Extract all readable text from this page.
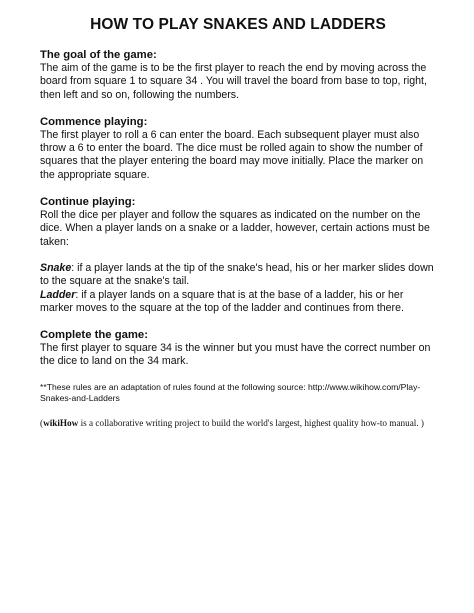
HOW TO PLAY SNAKES AND LADDERS
The goal of the game:
The aim of the game is to be the first player to reach the end by moving across the board from square 1 to square 34 . You will travel the board from base to top, right, then left and so on, following the numbers.
Commence playing:
The first player to roll a 6 can enter the board. Each subsequent player must also throw a 6 to enter the board. The dice must be rolled again to show the number of squares that the player entering the board may move initially. Place the marker on the appropriate square.
Continue playing:
Roll the dice per player and follow the squares as indicated on the number on the dice. When a player lands on a snake or a ladder, however, certain actions must be taken:
Snake: if a player lands at the tip of the snake's head, his or her marker slides down to the square at the snake's tail.
Ladder: if a player lands on a square that is at the base of a ladder, his or her marker moves to the square at the top of the ladder and continues from there.
Complete the game:
The first player to square 34 is the winner but you must have the correct number on the dice to land on the 34 mark.
**These rules are an adaptation of rules found at the following source: http://www.wikihow.com/Play-Snakes-and-Ladders
(wikiHow is a collaborative writing project to build the world's largest, highest quality how-to manual. )
